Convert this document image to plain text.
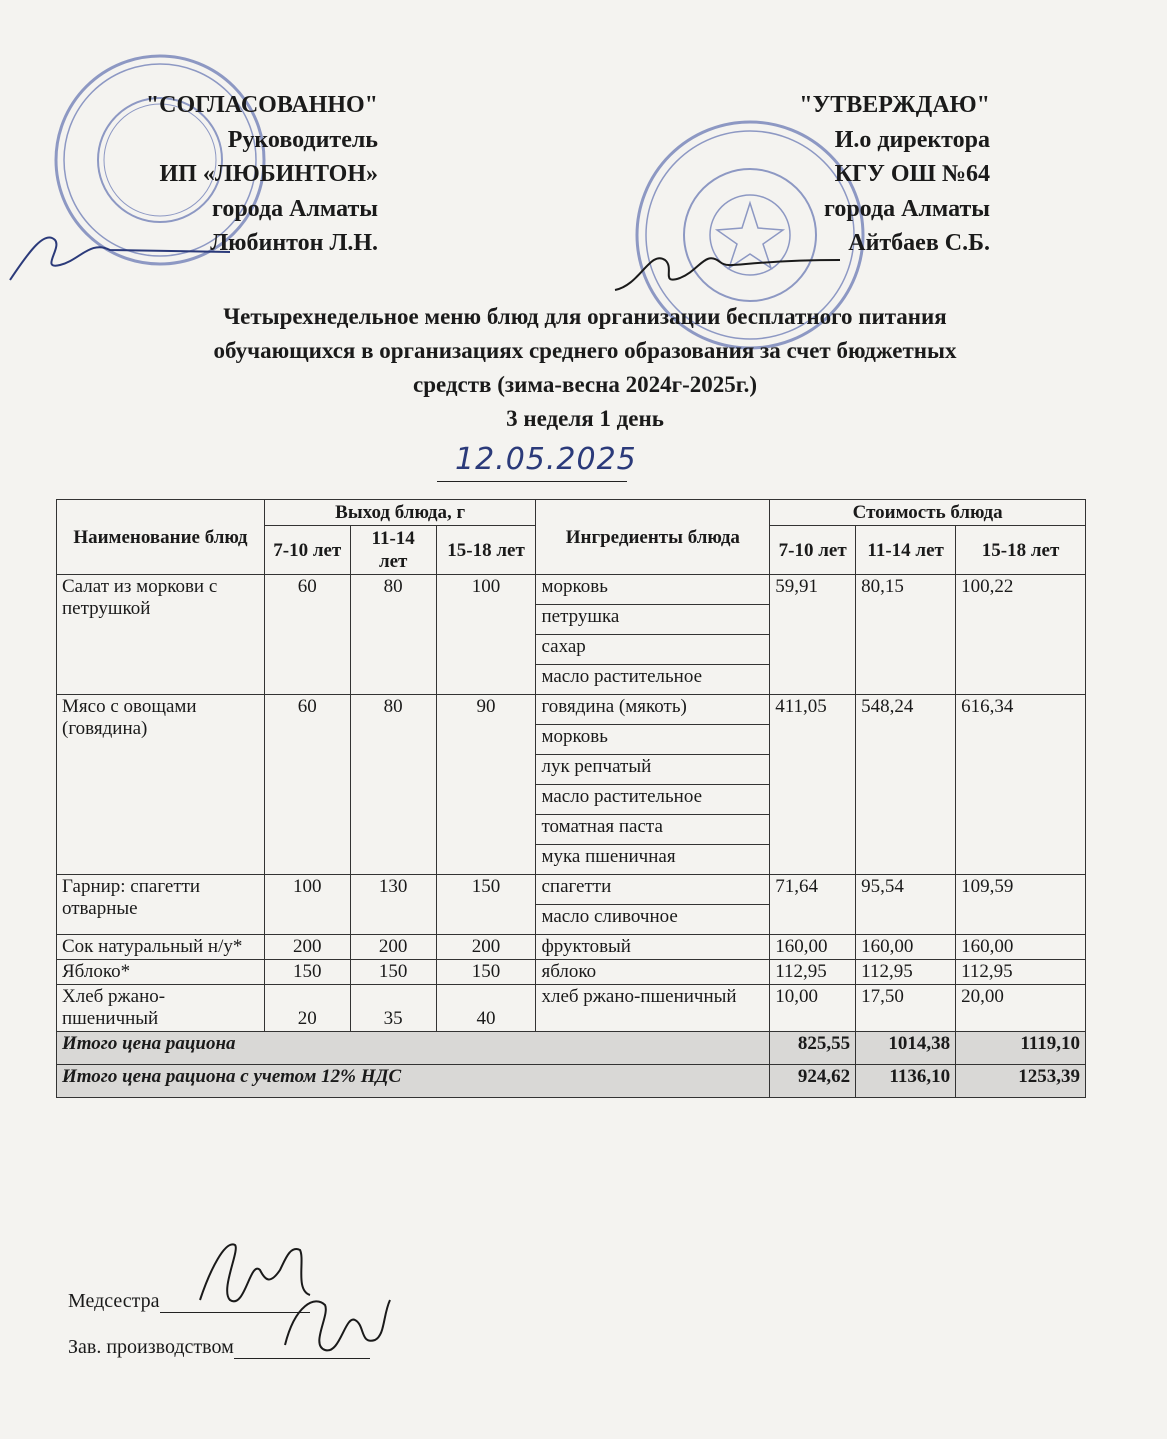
"СОГЛАСОВАННО"
Руководитель
ИП «ЛЮБИНТОН»
города Алматы
Любинтон Л.Н.
"УТВЕРЖДАЮ"
И.о директора
КГУ ОШ №64
города Алматы
Айтбаев С.Б.
Четырехнедельное меню блюд для организации бесплатного питания
обучающихся в организациях среднего образования за счет бюджетных
средств (зима-весна 2024г-2025г.)
3 неделя 1 день
12.05.2025
Наименование блюд	Выход блюда, г			Ингредиенты блюда	Стоимость блюда		
	7-10 лет	11-14 лет	15-18 лет		7-10 лет	11-14 лет	15-18 лет
Салат из моркови с петрушкой	60	80	100	морковь	59,91	80,15	100,22
				петрушка			
				сахар			
				масло растительное			
Мясо с овощами (говядина)	60	80	90	говядина (мякоть)	411,05	548,24	616,34
				морковь			
				лук репчатый			
				масло растительное			
				томатная паста			
				мука пшеничная			
Гарнир: спагетти отварные	100	130	150	спагетти	71,64	95,54	109,59
				масло сливочное			
Сок натуральный н/у*	200	200	200	фруктовый	160,00	160,00	160,00
Яблоко*	150	150	150	яблоко	112,95	112,95	112,95
Хлеб ржано-пшеничный	20	35	40	хлеб ржано-пшеничный	10,00	17,50	20,00
Итого цена рациона					825,55	1014,38	1119,10
Итого цена рациона с учетом 12% НДС					924,62	1136,10	1253,39
Медсестра
Зав. производством
